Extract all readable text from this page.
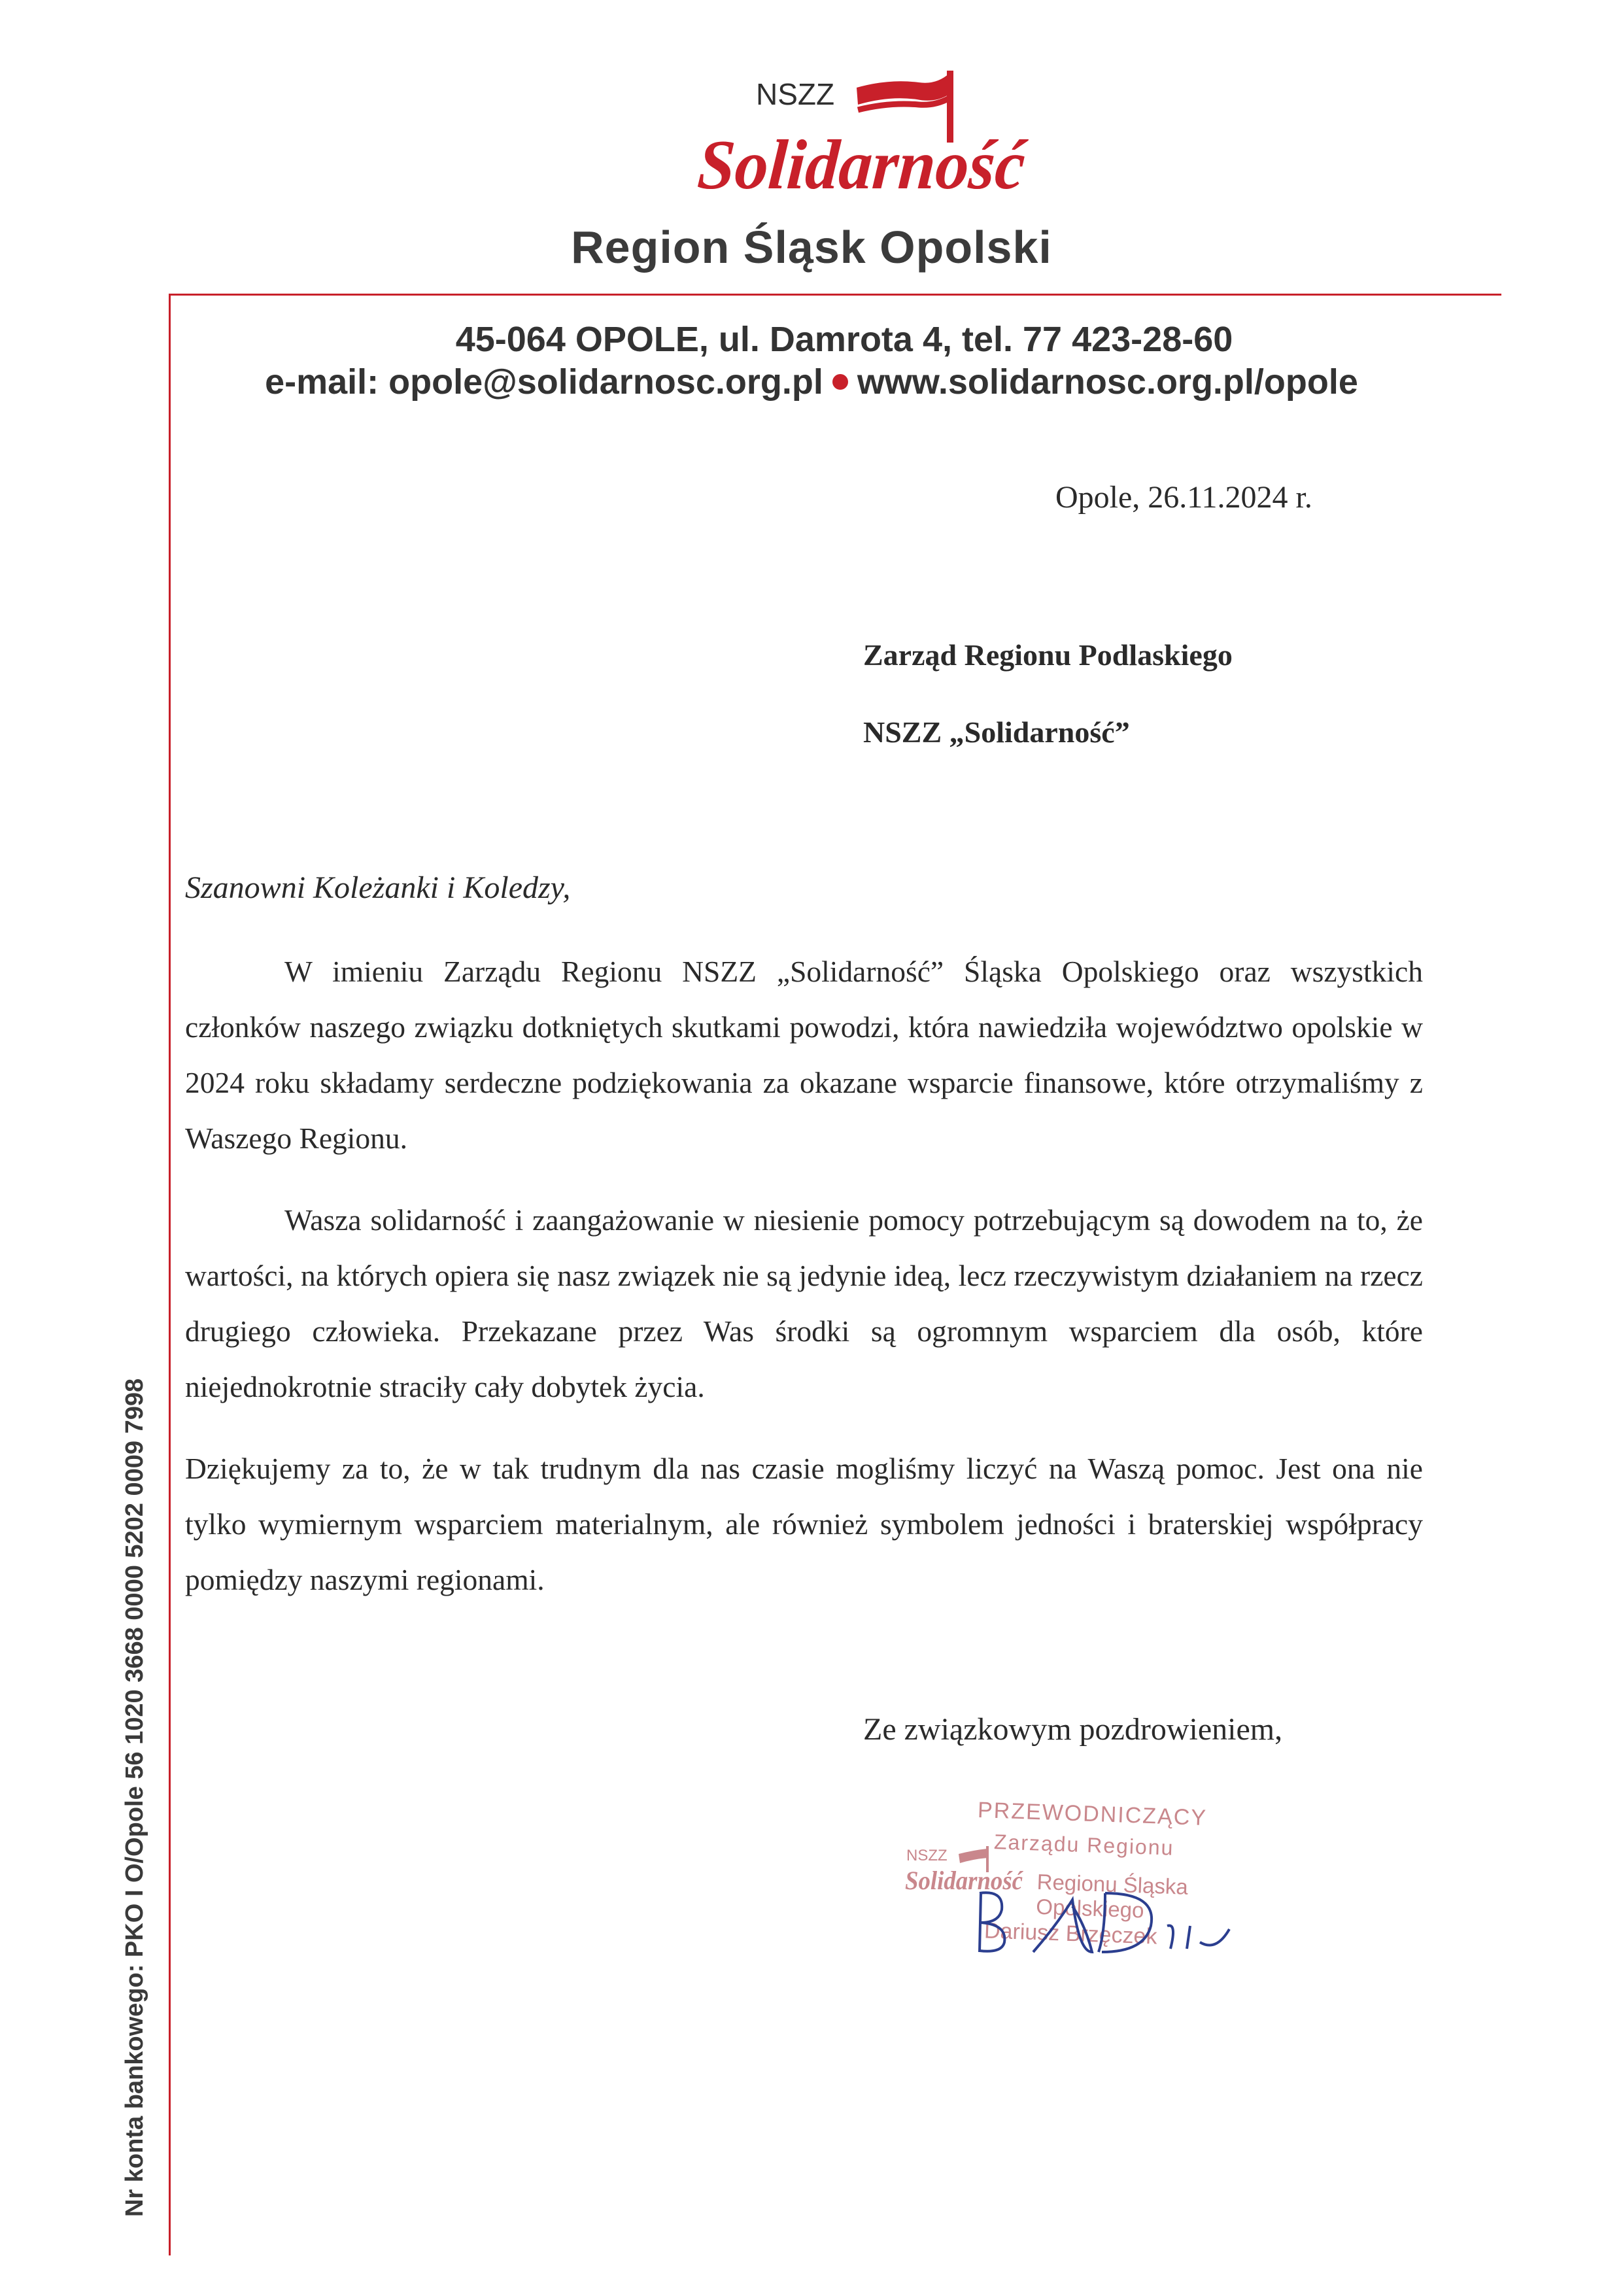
NSZZ
Solidarność
Region Śląsk Opolski
45-064 OPOLE, ul. Damrota 4, tel. 77 423-28-60
e-mail: opole@solidarnosc.org.pl www.solidarnosc.org.pl/opole
Opole, 26.11.2024 r.
Zarząd Regionu Podlaskiego
NSZZ „Solidarność”
Szanowni Koleżanki i Koledzy,

W imieniu Zarządu Regionu NSZZ „Solidarność” Śląska Opolskiego oraz wszystkich członków naszego związku dotkniętych skutkami powodzi, która nawiedziła województwo opolskie w 2024 roku składamy serdeczne podziękowania za okazane wsparcie finansowe, które otrzymaliśmy z Waszego Regionu.

Wasza solidarność i zaangażowanie w niesienie pomocy potrzebującym są dowodem na to, że wartości, na których opiera się nasz związek nie są jedynie ideą, lecz rzeczywistym działaniem na rzecz drugiego człowieka. Przekazane przez Was środki są ogromnym wsparciem dla osób, które niejednokrotnie straciły cały dobytek życia.

Dziękujemy za to, że w tak trudnym dla nas czasie mogliśmy liczyć na Waszą pomoc. Jest ona nie tylko wymiernym wsparciem materialnym, ale również symbolem jedności i braterskiej współpracy pomiędzy naszymi regionami.

Ze związkowym pozdrowieniem,
PRZEWODNICZĄCY
Zarządu Regionu
NSZZ
Solidarność Regionu Śląska Opolskiego
Dariusz Brzęczek
Nr konta bankowego: PKO I O/Opole 56 1020 3668 0000 5202 0009 7998
